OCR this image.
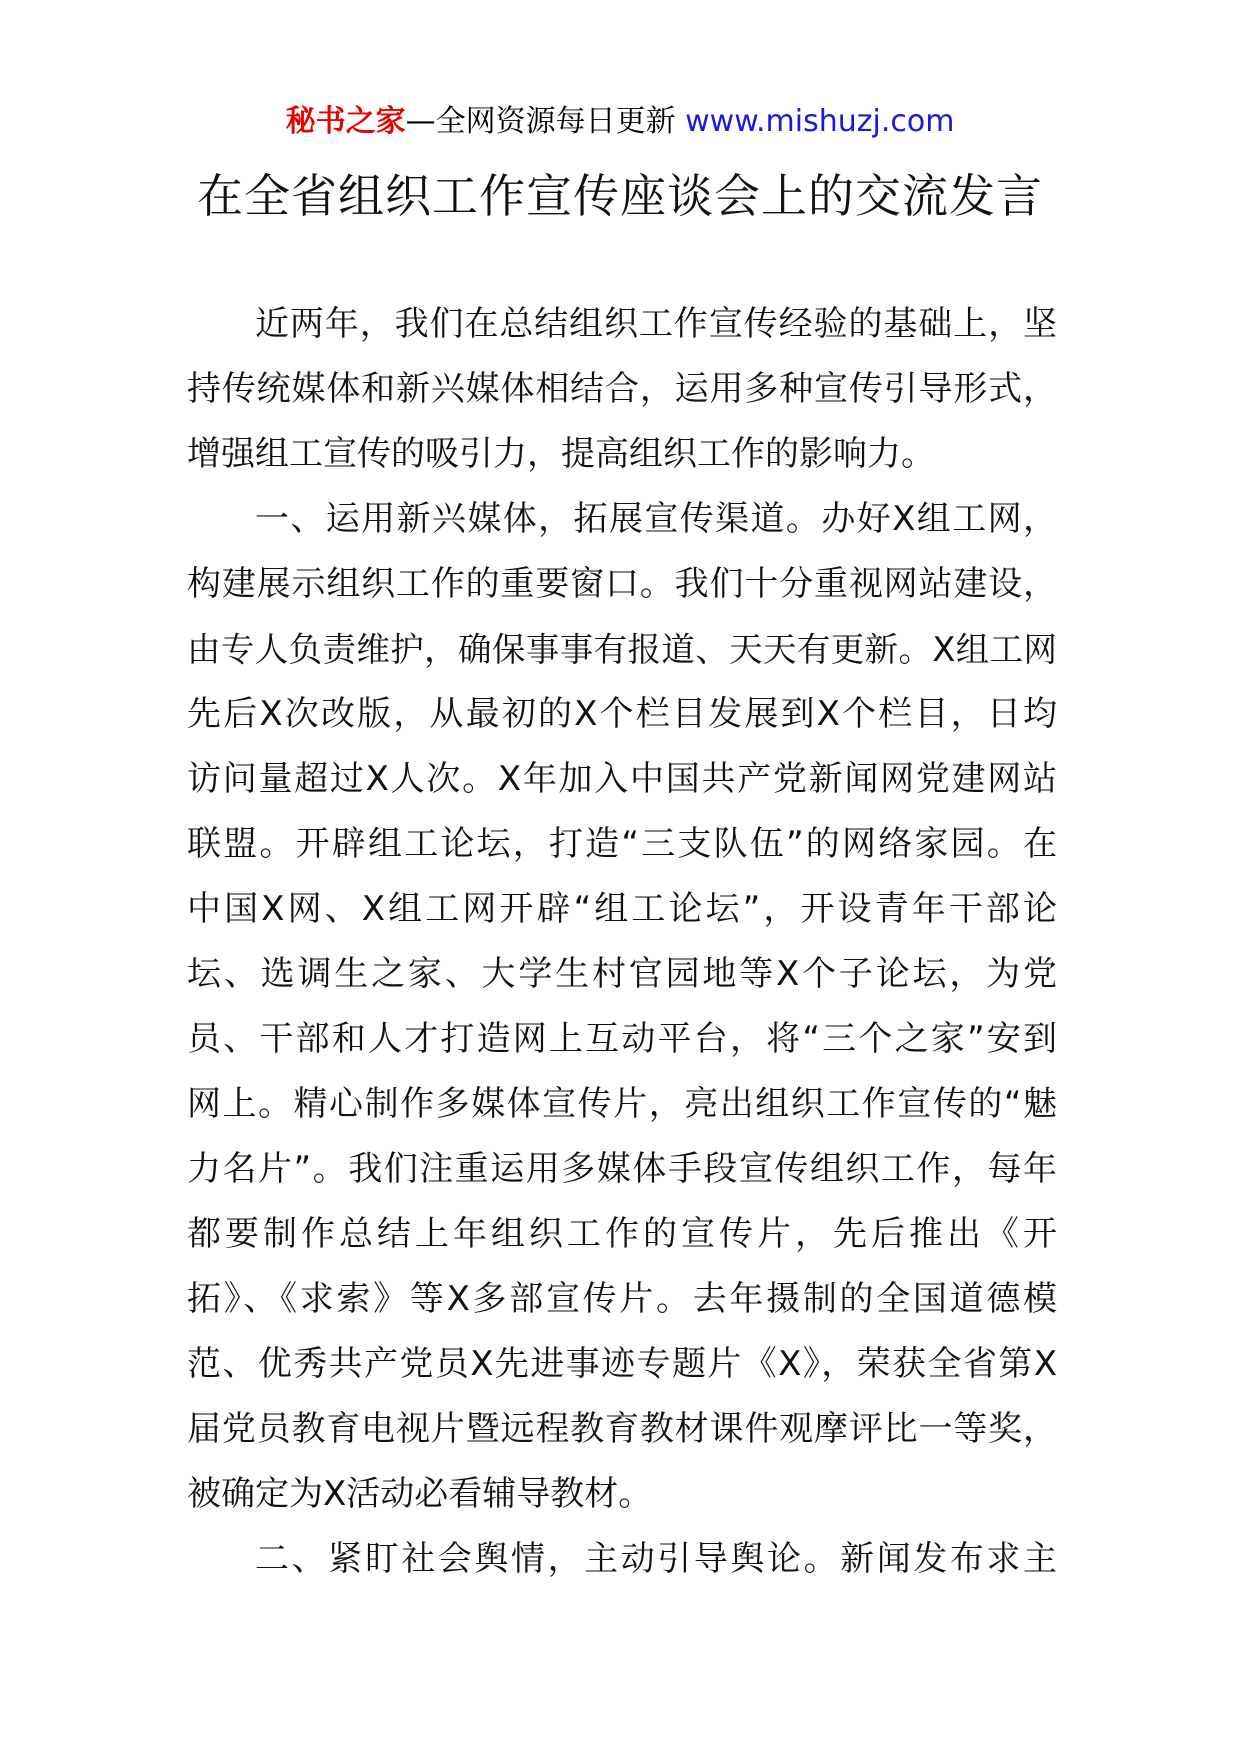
秘书之家—全网资源每日更新 www.mishuzj.com
在全省组织工作宣传座谈会上的交流发言
近两年，我们在总结组织工作宣传经验的基础上，坚
持传统媒体和新兴媒体相结合，运用多种宣传引导形式，
增强组工宣传的吸引力，提高组织工作的影响力。
一、运用新兴媒体，拓展宣传渠道。办好X组工网，
构建展示组织工作的重要窗口。我们十分重视网站建设，
由专人负责维护，确保事事有报道、天天有更新。X组工网
先后X次改版，从最初的X个栏目发展到X个栏目，日均
访问量超过X人次。X年加入中国共产党新闻网党建网站
联盟。开辟组工论坛，打造“三支队伍”的网络家园。在
中国X网、X组工网开辟“组工论坛”，开设青年干部论
坛、选调生之家、大学生村官园地等X个子论坛，为党
员、干部和人才打造网上互动平台，将“三个之家”安到
网上。精心制作多媒体宣传片，亮出组织工作宣传的“魅
力名片”。我们注重运用多媒体手段宣传组织工作，每年
都要制作总结上年组织工作的宣传片，先后推出《开
拓》、《求索》等X多部宣传片。去年摄制的全国道德模
范、优秀共产党员X先进事迹专题片《X》，荣获全省第X
届党员教育电视片暨远程教育教材课件观摩评比一等奖，
被确定为X活动必看辅导教材。
二、紧盯社会舆情，主动引导舆论。新闻发布求主
